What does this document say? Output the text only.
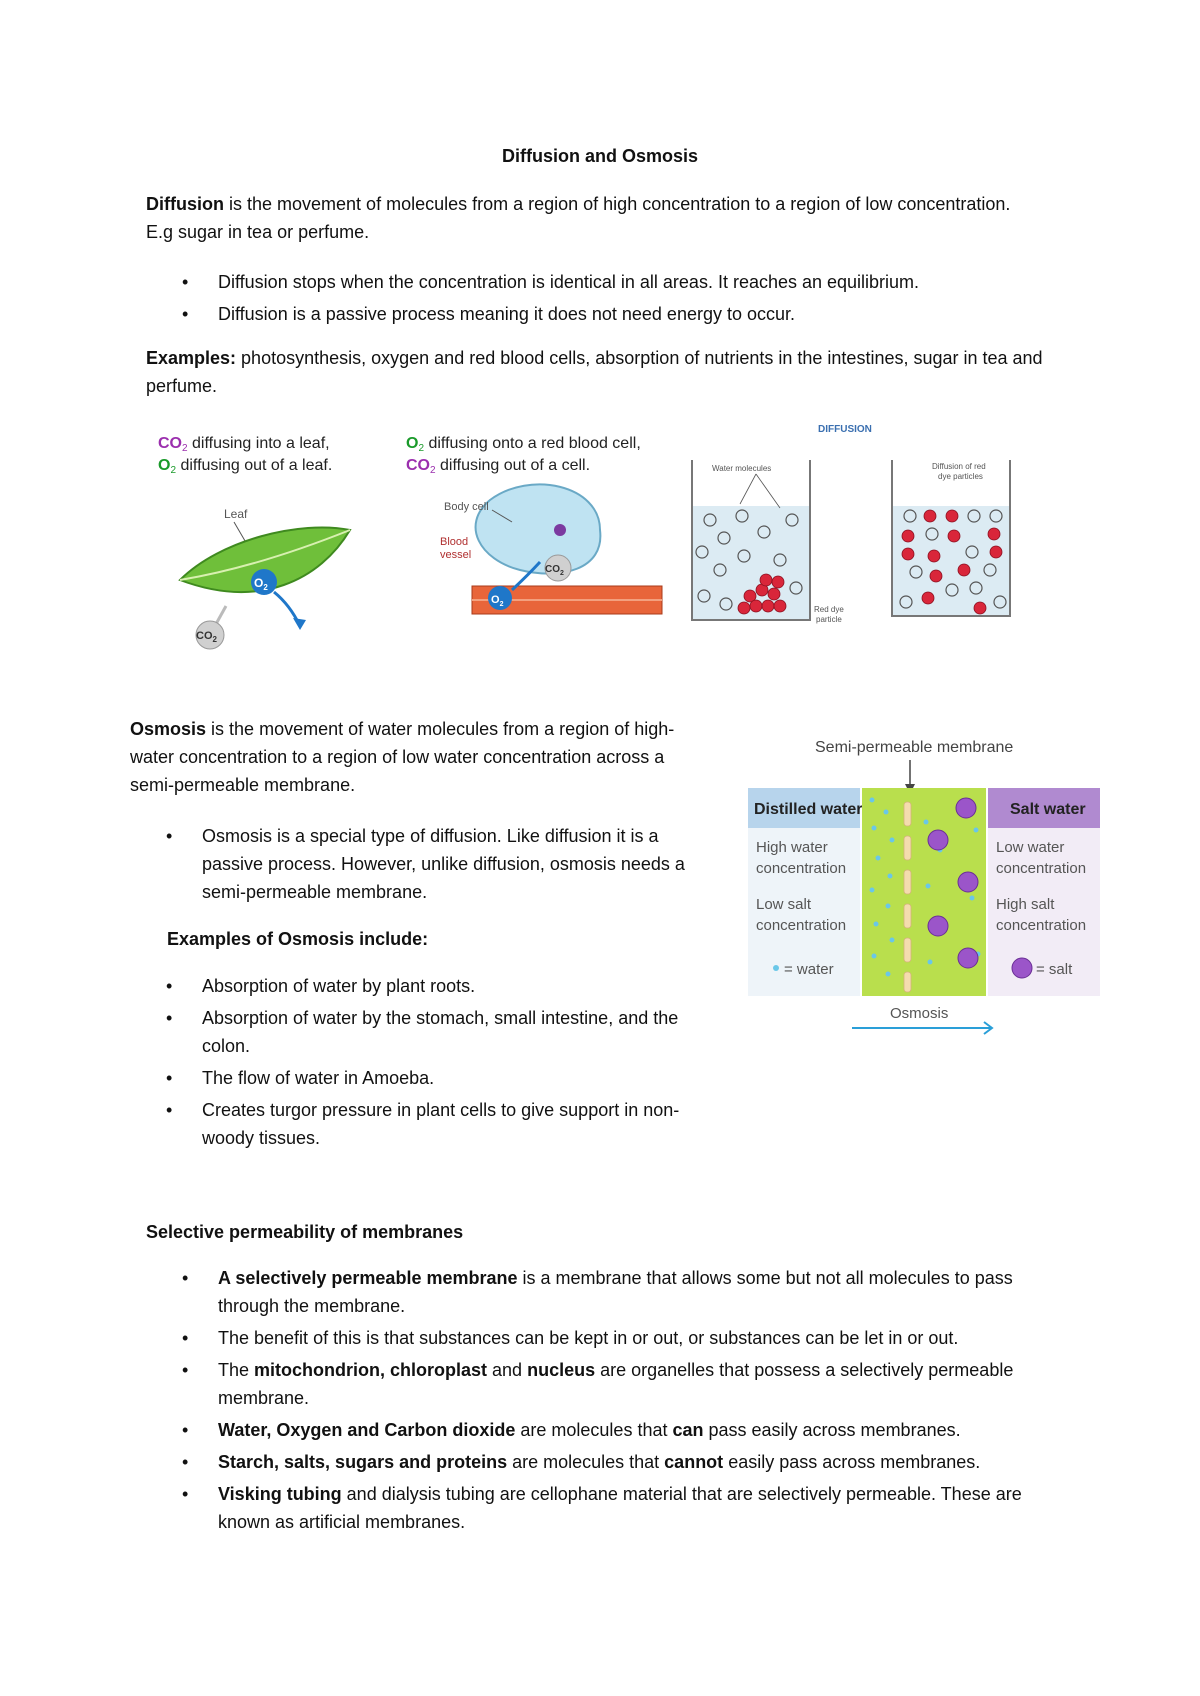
Diffusion and Osmosis
Diffusion is the movement of molecules from a region of high concentration to a region of low concentration. E.g sugar in tea or perfume.
• Diffusion stops when the concentration is identical in all areas. It reaches an equilibrium.
• Diffusion is a passive process meaning it does not need energy to occur.
Examples: photosynthesis, oxygen and red blood cells, absorption of nutrients in the intestines, sugar in tea and perfume.
CO2 diffusing into a leaf,
O2 diffusing out of a leaf.
Leaf
$O_2$
$CO_2$
O2 diffusing onto a red blood cell,
CO2 diffusing out of a cell.
Body cell
Blood
vessel
$CO_2$
$O_2$
DIFFUSION
Water molecules
Red dye
particle
Diffusion of red
dye particles
Osmosis is the movement of water molecules from a region of high-water concentration to a region of low water concentration across a semi-permeable membrane.
• Osmosis is a special type of diffusion. Like diffusion it is a passive process. However, unlike diffusion, osmosis needs a semi-permeable membrane.
Examples of Osmosis include:
• Absorption of water by plant roots.
• Absorption of water by the stomach, small intestine, and the colon.
• The flow of water in Amoeba.
• Creates turgor pressure in plant cells to give support in non-woody tissues.
Semi-permeable membrane
Distilled water
High water
concentration
Low salt
concentration
= water
Salt water
Low water
concentration
High salt
concentration
= salt
Osmosis
Selective permeability of membranes
• A selectively permeable membrane is a membrane that allows some but not all molecules to pass through the membrane.
• The benefit of this is that substances can be kept in or out, or substances can be let in or out.
• The mitochondrion, chloroplast and nucleus are organelles that possess a selectively permeable membrane.
• Water, Oxygen and Carbon dioxide are molecules that can pass easily across membranes.
• Starch, salts, sugars and proteins are molecules that cannot easily pass across membranes.
• Visking tubing and dialysis tubing are cellophane material that are selectively permeable. These are known as artificial membranes.
